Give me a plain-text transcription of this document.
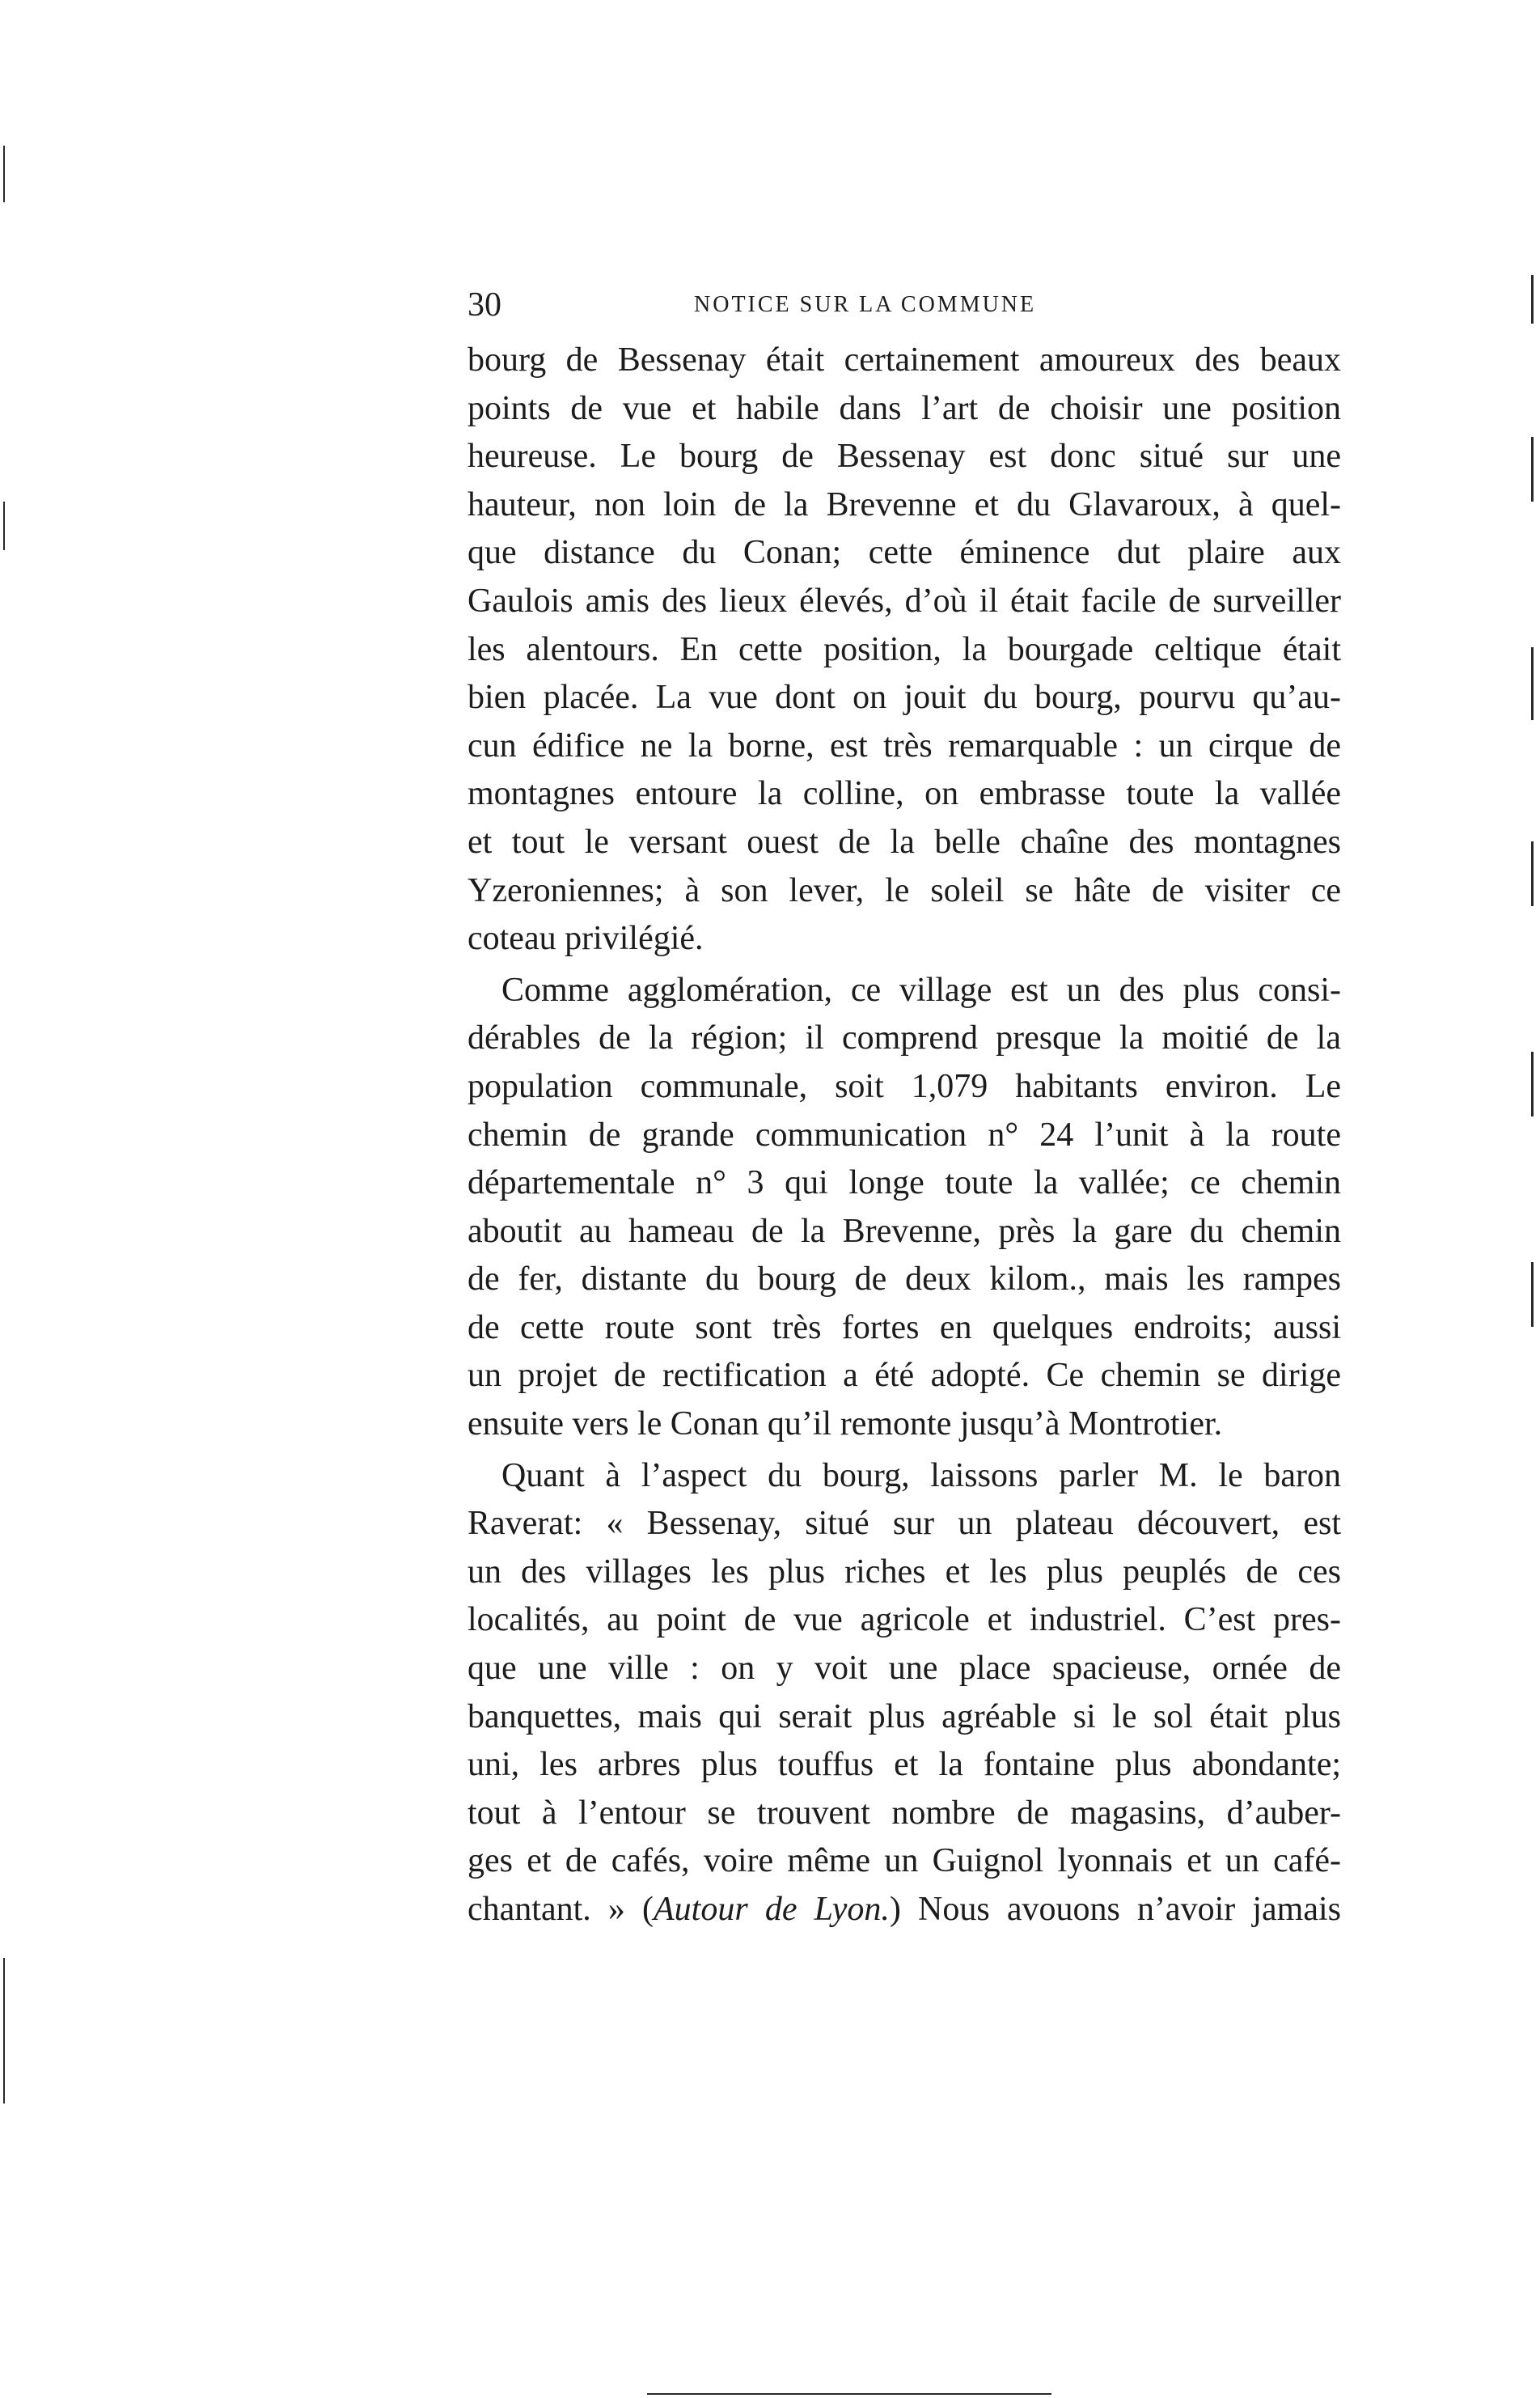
30	NOTICE SUR LA COMMUNE
bourg de Bessenay était certainement amoureux des beaux
points de vue et habile dans l’art de choisir une position
heureuse. Le bourg de Bessenay est donc situé sur une
hauteur, non loin de la Brevenne et du Glavaroux, à quel-
que distance du Conan; cette éminence dut plaire aux
Gaulois amis des lieux élevés, d’où il était facile de surveiller
les alentours. En cette position, la bourgade celtique était
bien placée. La vue dont on jouit du bourg, pourvu qu’au-
cun édifice ne la borne, est très remarquable : un cirque de
montagnes entoure la colline, on embrasse toute la vallée
et tout le versant ouest de la belle chaîne des montagnes
Yzeroniennes; à son lever, le soleil se hâte de visiter ce
coteau privilégié.
Comme agglomération, ce village est un des plus consi-
dérables de la région; il comprend presque la moitié de la
population communale, soit 1,079 habitants environ. Le
chemin de grande communication n° 24 l’unit à la route
départementale n° 3 qui longe toute la vallée; ce chemin
aboutit au hameau de la Brevenne, près la gare du chemin
de fer, distante du bourg de deux kilom., mais les rampes
de cette route sont très fortes en quelques endroits; aussi
un projet de rectification a été adopté. Ce chemin se dirige
ensuite vers le Conan qu’il remonte jusqu’à Montrotier.
Quant à l’aspect du bourg, laissons parler M. le baron
Raverat: « Bessenay, situé sur un plateau découvert, est
un des villages les plus riches et les plus peuplés de ces
localités, au point de vue agricole et industriel. C’est pres-
que une ville : on y voit une place spacieuse, ornée de
banquettes, mais qui serait plus agréable si le sol était plus
uni, les arbres plus touffus et la fontaine plus abondante;
tout à l’entour se trouvent nombre de magasins, d’auber-
ges et de cafés, voire même un Guignol lyonnais et un café-
chantant. » (Autour de Lyon.) Nous avouons n’avoir jamais
